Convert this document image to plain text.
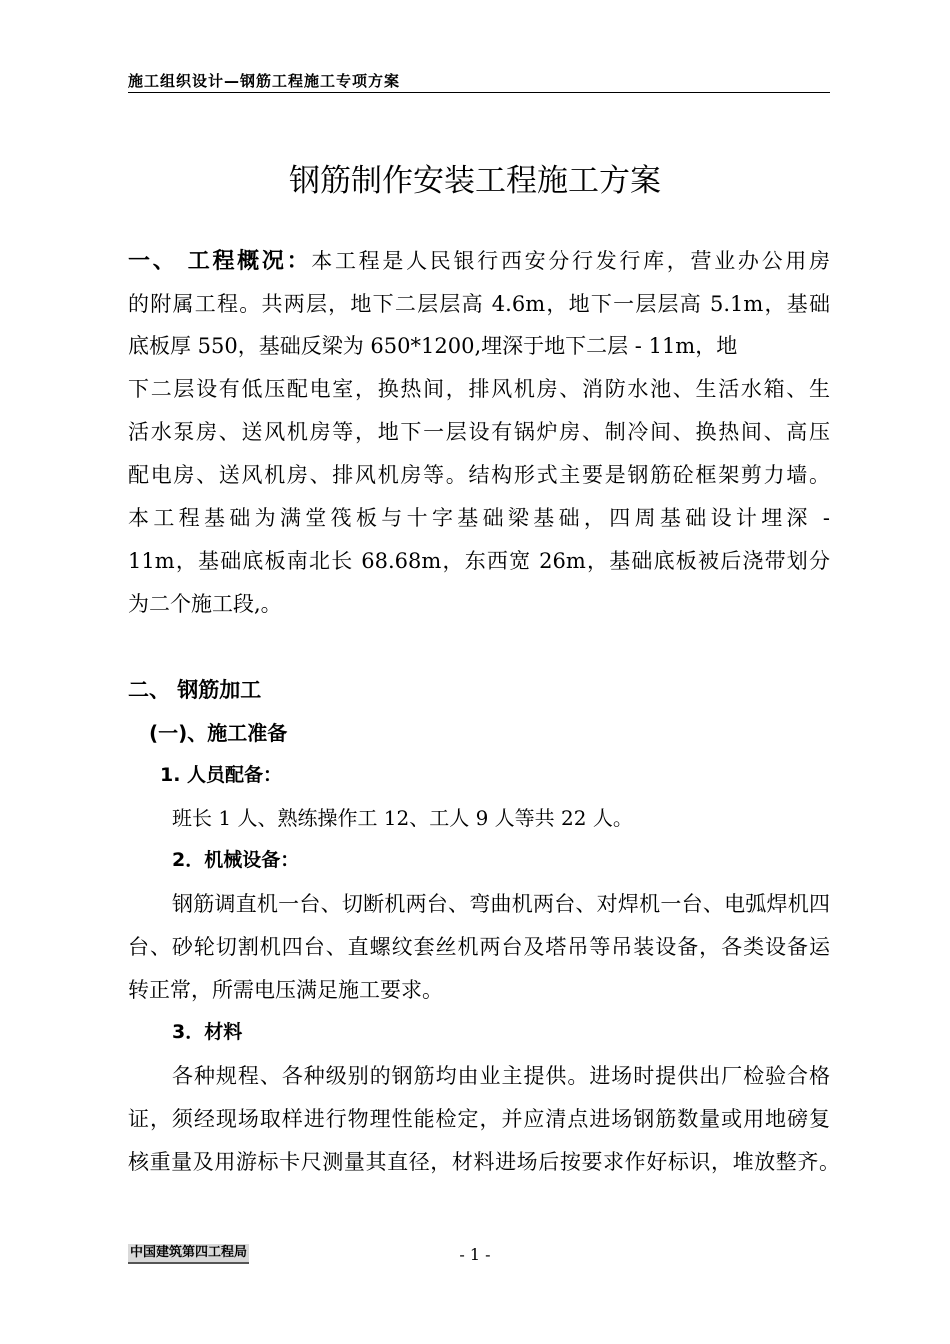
施工组织设计—钢筋工程施工专项方案
钢筋制作安装工程施工方案
一、 工程概况：本工程是人民银行西安分行发行库，营业办公用房
的附属工程。共两层，地下二层层高 4.6m，地下一层层高 5.1m，基础
底板厚 550，基础反梁为 650*1200,埋深于地下二层 - 11m，地
下二层设有低压配电室，换热间，排风机房、消防水池、生活水箱、生
活水泵房、送风机房等，地下一层设有锅炉房、制冷间、换热间、高压
配电房、送风机房、排风机房等。结构形式主要是钢筋砼框架剪力墙。
本工程基础为满堂筏板与十字基础梁基础，四周基础设计埋深 -
11m，基础底板南北长 68.68m，东西宽 26m，基础底板被后浇带划分
为二个施工段,。
二、 钢筋加工
(一)、施工准备
1. 人员配备：
班长 1 人、熟练操作工 12、工人 9 人等共 22 人。
2．机械设备：
钢筋调直机一台、切断机两台、弯曲机两台、对焊机一台、电弧焊机四
台、砂轮切割机四台、直螺纹套丝机两台及塔吊等吊装设备，各类设备运
转正常，所需电压满足施工要求。
3．材料
各种规程、各种级别的钢筋均由业主提供。进场时提供出厂检验合格
证，须经现场取样进行物理性能检定，并应清点进场钢筋数量或用地磅复
核重量及用游标卡尺测量其直径，材料进场后按要求作好标识，堆放整齐。
中国建筑第四工程局	- 1 -
